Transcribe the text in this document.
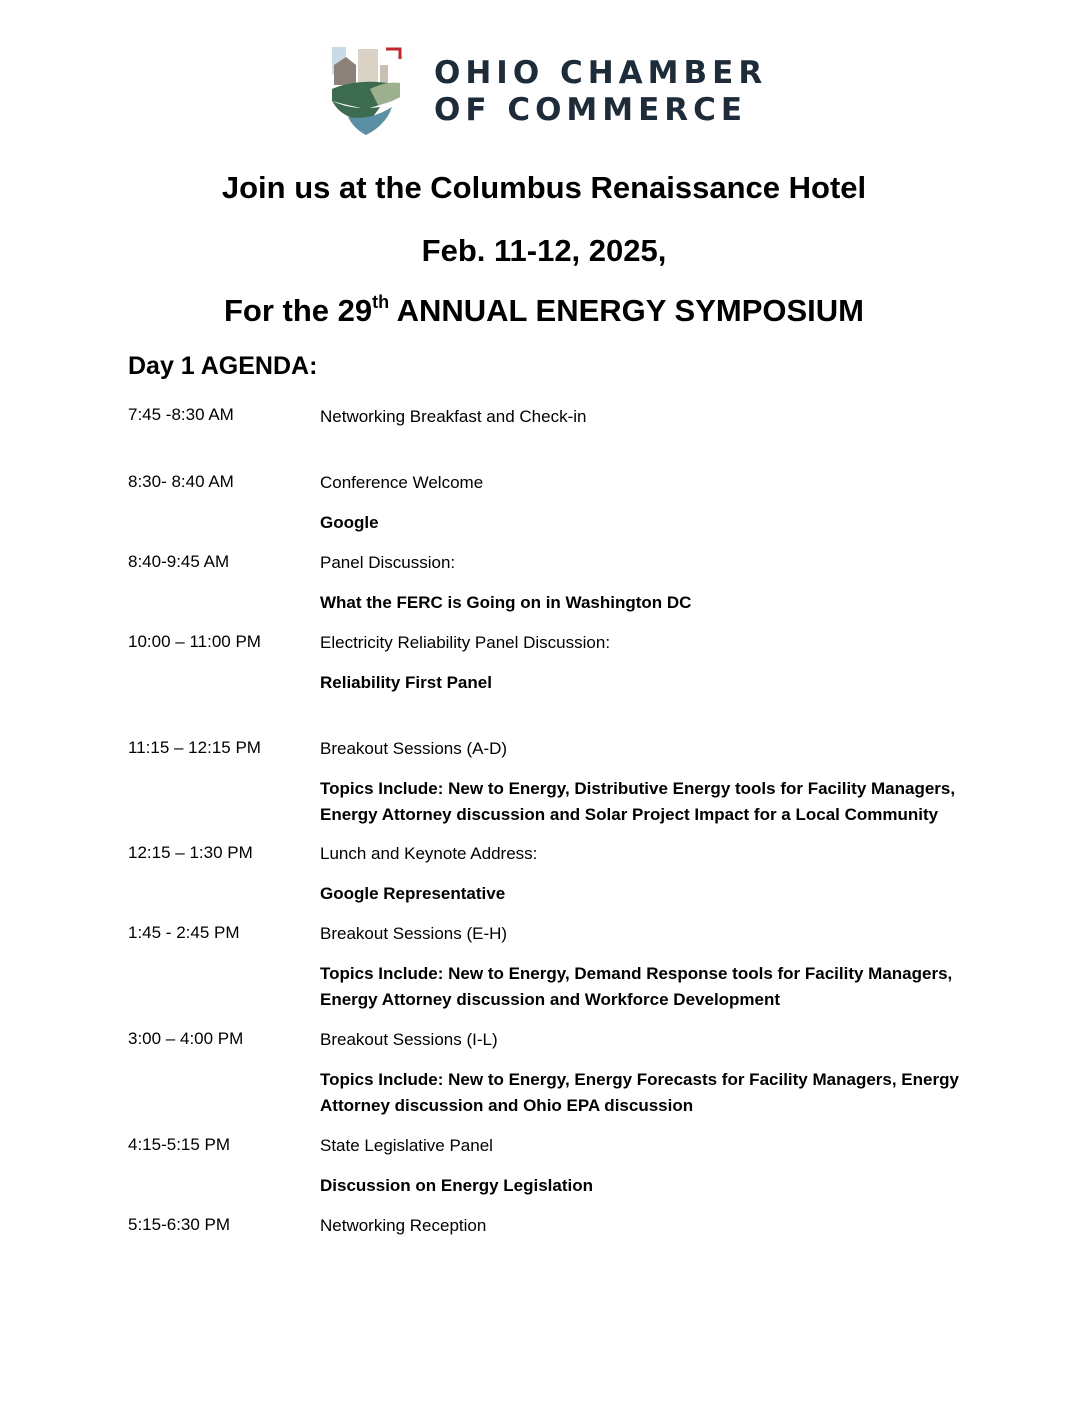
OHIO CHAMBER
OF COMMERCE
Join us at the Columbus Renaissance Hotel
Feb. 11-12, 2025,
For the 29th ANNUAL ENERGY SYMPOSIUM
Day 1 AGENDA:
7:45 -8:30 AM	Networking Breakfast and Check-in
8:30- 8:40 AM	Conference Welcome
Google
8:40-9:45 AM	Panel Discussion:
What the FERC is Going on in Washington DC
10:00 – 11:00 PM	Electricity Reliability Panel Discussion:
Reliability First Panel
11:15 – 12:15 PM	Breakout Sessions (A-D)
Topics Include: New to Energy, Distributive Energy tools for Facility Managers, Energy Attorney discussion and Solar Project Impact for a Local Community
12:15 – 1:30 PM	Lunch and Keynote Address:
Google Representative
1:45 - 2:45 PM	Breakout Sessions (E-H)
Topics Include: New to Energy, Demand Response tools for Facility Managers, Energy Attorney discussion and Workforce Development
3:00 – 4:00 PM	Breakout Sessions (I-L)
Topics Include: New to Energy, Energy Forecasts for Facility Managers, Energy Attorney discussion and Ohio EPA discussion
4:15-5:15 PM	State Legislative Panel
Discussion on Energy Legislation
5:15-6:30 PM	Networking Reception
